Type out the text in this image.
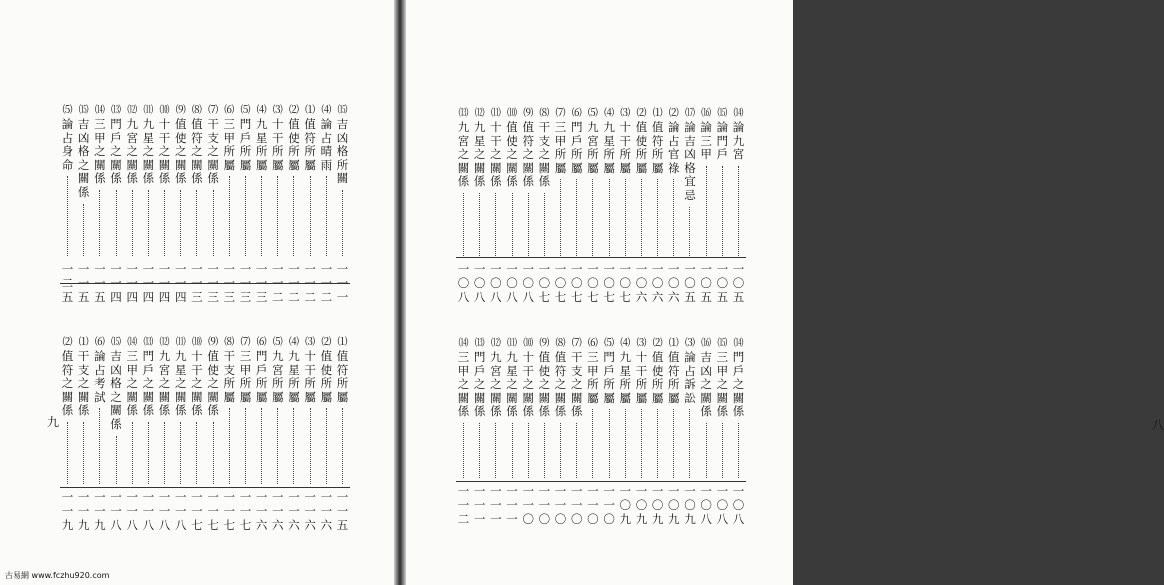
⑸
論
占
身
命
一
二
五
⒂
吉
凶
格
之
關
係
一
一
五
⒁
三
甲
之
關
係
一
一
五
⒀
門
戶
之
關
係
一
一
四
⑿
九
宮
之
關
係
一
一
四
⑾
九
星
之
關
係
一
一
四
⑽
十
干
之
關
係
一
一
四
⑼
值
使
之
關
係
一
一
四
⑻
值
符
之
關
係
一
一
三
⑺
干
支
之
關
係
一
一
三
⑹
三
甲
所
屬
一
一
三
⑸
門
戶
所
屬
一
一
三
⑷
九
星
所
屬
一
一
三
⑶
十
干
所
屬
一
一
二
⑵
值
使
所
屬
一
一
二
⑴
值
符
所
屬
一
一
二
⑷
論
占
晴
雨
一
一
二
⒂
吉
凶
格
所
關
一
一
一
⑵
值
符
之
關
係
一
一
九
⑴
干
支
之
關
係
一
一
九
⑹
論
占
考
試
一
一
九
⒂
吉
凶
格
之
關
係
一
一
八
⒁
三
甲
之
關
係
一
一
八
⒀
門
戶
之
關
係
一
一
八
⑿
九
宮
之
關
係
一
一
八
⑾
九
星
之
關
係
一
一
八
⑽
十
干
之
關
係
一
一
七
⑼
值
使
之
關
係
一
一
七
⑻
干
支
所
屬
一
一
七
⑺
三
甲
所
屬
一
一
七
⑹
門
戶
所
屬
一
一
六
⑸
九
宮
所
屬
一
一
六
⑷
九
星
所
屬
一
一
六
⑶
十
干
所
屬
一
一
六
⑵
值
使
所
屬
一
一
六
⑴
值
符
所
屬
一
一
五
九
⒀
九
宮
之
關
係
一
〇
八
⑿
九
星
之
關
係
一
〇
八
⑾
十
干
之
關
係
一
〇
八
⑽
值
使
之
關
係
一
〇
八
⑼
值
符
之
關
係
一
〇
八
⑻
干
支
之
關
係
一
〇
七
⑺
三
甲
所
屬
一
〇
七
⑹
門
戶
所
屬
一
〇
七
⑸
九
宮
所
屬
一
〇
七
⑷
九
星
所
屬
一
〇
七
⑶
十
干
所
屬
一
〇
七
⑵
值
使
所
屬
一
〇
六
⑴
值
符
所
屬
一
〇
六
⑵
論
占
官
祿
一
〇
六
⒄
論
吉
凶
格
宜
忌
一
〇
五
⒃
論
三
甲
一
〇
五
⒂
論
門
戶
一
〇
五
⒁
論
九
宮
一
〇
五
⒁
三
甲
之
關
係
一
一
二
⒀
門
戶
之
關
係
一
一
一
⑿
九
宮
之
關
係
一
一
一
⑾
九
星
之
關
係
一
一
一
⑽
十
干
之
關
係
一
一
〇
⑼
值
使
之
關
係
一
一
〇
⑻
值
符
之
關
係
一
一
〇
⑺
干
支
之
關
係
一
一
〇
⑹
三
甲
所
屬
一
一
〇
⑸
門
戶
所
屬
一
一
〇
⑷
九
星
所
屬
一
〇
九
⑶
十
干
所
屬
一
〇
九
⑵
值
使
所
屬
一
〇
九
⑴
值
符
所
屬
一
〇
九
⑶
論
占
訴
訟
一
〇
九
⒃
吉
凶
之
關
係
一
〇
八
⒂
三
甲
之
關
係
一
〇
八
⒁
門
戶
之
關
係
一
〇
八
八
古易網 www.fczhu920.com
